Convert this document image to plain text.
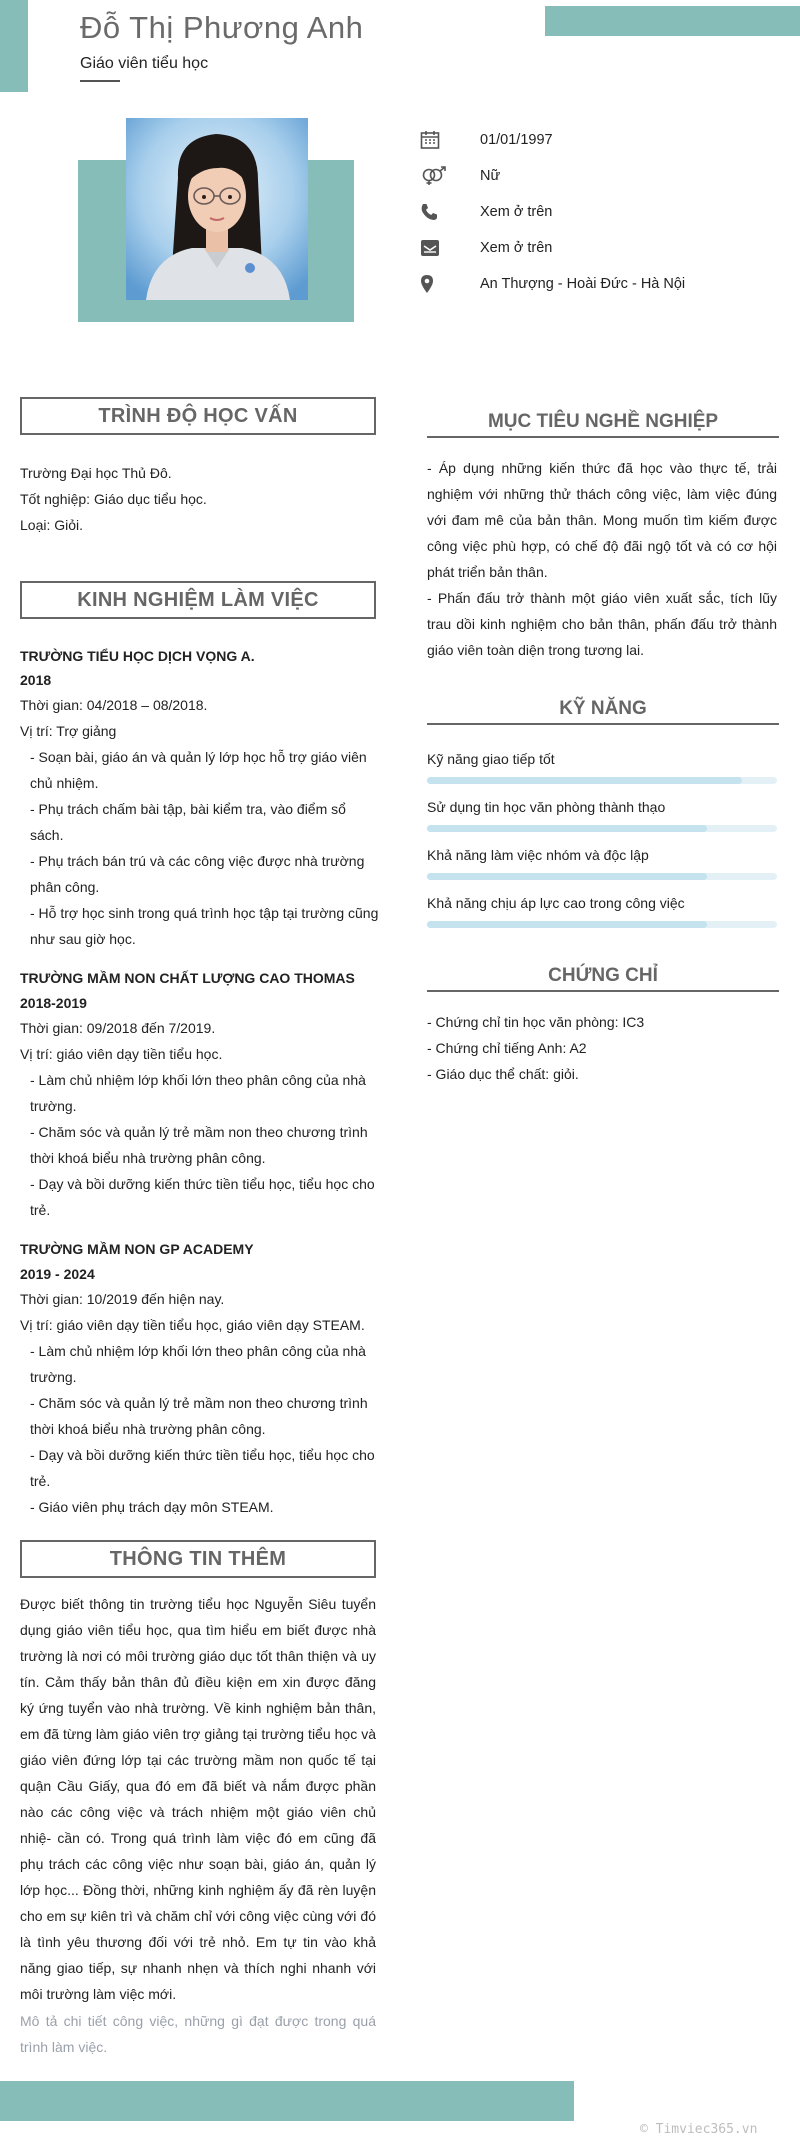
Đỗ Thị Phương Anh
Giáo viên tiểu học
01/01/1997
Nữ
Xem ở trên
Xem ở trên
An Thượng - Hoài Đức - Hà Nội
TRÌNH ĐỘ HỌC VẤN
Trường Đại học Thủ Đô.
Tốt nghiệp: Giáo dục tiểu học.
Loại: Giỏi.
KINH NGHIỆM LÀM VIỆC
TRƯỜNG TIỂU HỌC DỊCH VỌNG A.
2018
Thời gian: 04/2018 – 08/2018.
Vị trí: Trợ giảng
- Soạn bài, giáo án và quản lý lớp học hỗ trợ giáo viên
chủ nhiệm.
- Phụ trách chấm bài tập, bài kiểm tra, vào điểm sổ
sách.
- Phụ trách bán trú và các công việc được nhà trường
phân công.
- Hỗ trợ học sinh trong quá trình học tập tại trường cũng
như sau giờ học.
TRƯỜNG MẦM NON CHẤT LƯỢNG CAO THOMAS
2018-2019
Thời gian: 09/2018 đến 7/2019.
Vị trí: giáo viên dạy tiền tiểu học.
- Làm chủ nhiệm lớp khối lớn theo phân công của nhà
trường.
- Chăm sóc và quản lý trẻ mầm non theo chương trình
thời khoá biểu nhà trường phân công.
- Dạy và bồi dưỡng kiến thức tiền tiểu học, tiểu học cho
trẻ.
TRƯỜNG MẦM NON GP ACADEMY
2019 - 2024
Thời gian: 10/2019 đến hiện nay.
Vị trí: giáo viên dạy tiền tiểu học, giáo viên dạy STEAM.
- Làm chủ nhiệm lớp khối lớn theo phân công của nhà
trường.
- Chăm sóc và quản lý trẻ mầm non theo chương trình
thời khoá biểu nhà trường phân công.
- Dạy và bồi dưỡng kiến thức tiền tiểu học, tiểu học cho
trẻ.
- Giáo viên phụ trách dạy môn STEAM.
THÔNG TIN THÊM
Được biết thông tin trường tiểu học Nguyễn Siêu tuyển dụng giáo viên tiểu học, qua tìm hiểu em biết được nhà trường là nơi có môi trường giáo dục tốt thân thiện và uy tín. Cảm thấy bản thân đủ điều kiện em xin được đăng ký ứng tuyển vào nhà trường. Về kinh nghiệm bản thân, em đã từng làm giáo viên trợ giảng tại trường tiểu học và giáo viên đứng lớp tại các trường mầm non quốc tế tại quận Cầu Giấy, qua đó em đã biết và nắm được phần nào các công việc và trách nhiệm một giáo viên chủ nhiệ- cần có. Trong quá trình làm việc đó em cũng đã phụ trách các công việc như soạn bài, giáo án, quản lý lớp học... Đồng thời, những kinh nghiệm ấy đã rèn luyện cho em sự kiên trì và chăm chỉ với công việc cùng với đó là tình yêu thương đối với trẻ nhỏ. Em tự tin vào khả năng giao tiếp, sự nhanh nhẹn và thích nghi nhanh với môi trường làm việc mới.
Mô tả chi tiết công việc, những gì đạt được trong quá trình làm việc.
MỤC TIÊU NGHỀ NGHIỆP
- Áp dụng những kiến thức đã học vào thực tế, trải nghiệm với những thử thách công việc, làm việc đúng với đam mê của bản thân. Mong muốn tìm kiếm được công việc phù hợp, có chế độ đãi ngộ tốt và có cơ hội phát triển bản thân.
- Phấn đấu trở thành một giáo viên xuất sắc, tích lũy trau dồi kinh nghiệm cho bản thân, phấn đấu trở thành giáo viên toàn diện trong tương lai.
KỸ NĂNG
Kỹ năng giao tiếp tốt
Sử dụng tin học văn phòng thành thạo
Khả năng làm việc nhóm và độc lập
Khả năng chịu áp lực cao trong công việc
CHỨNG CHỈ
- Chứng chỉ tin học văn phòng: IC3
- Chứng chỉ tiếng Anh: A2
- Giáo dục thể chất: giỏi.
© Timviec365.vn
